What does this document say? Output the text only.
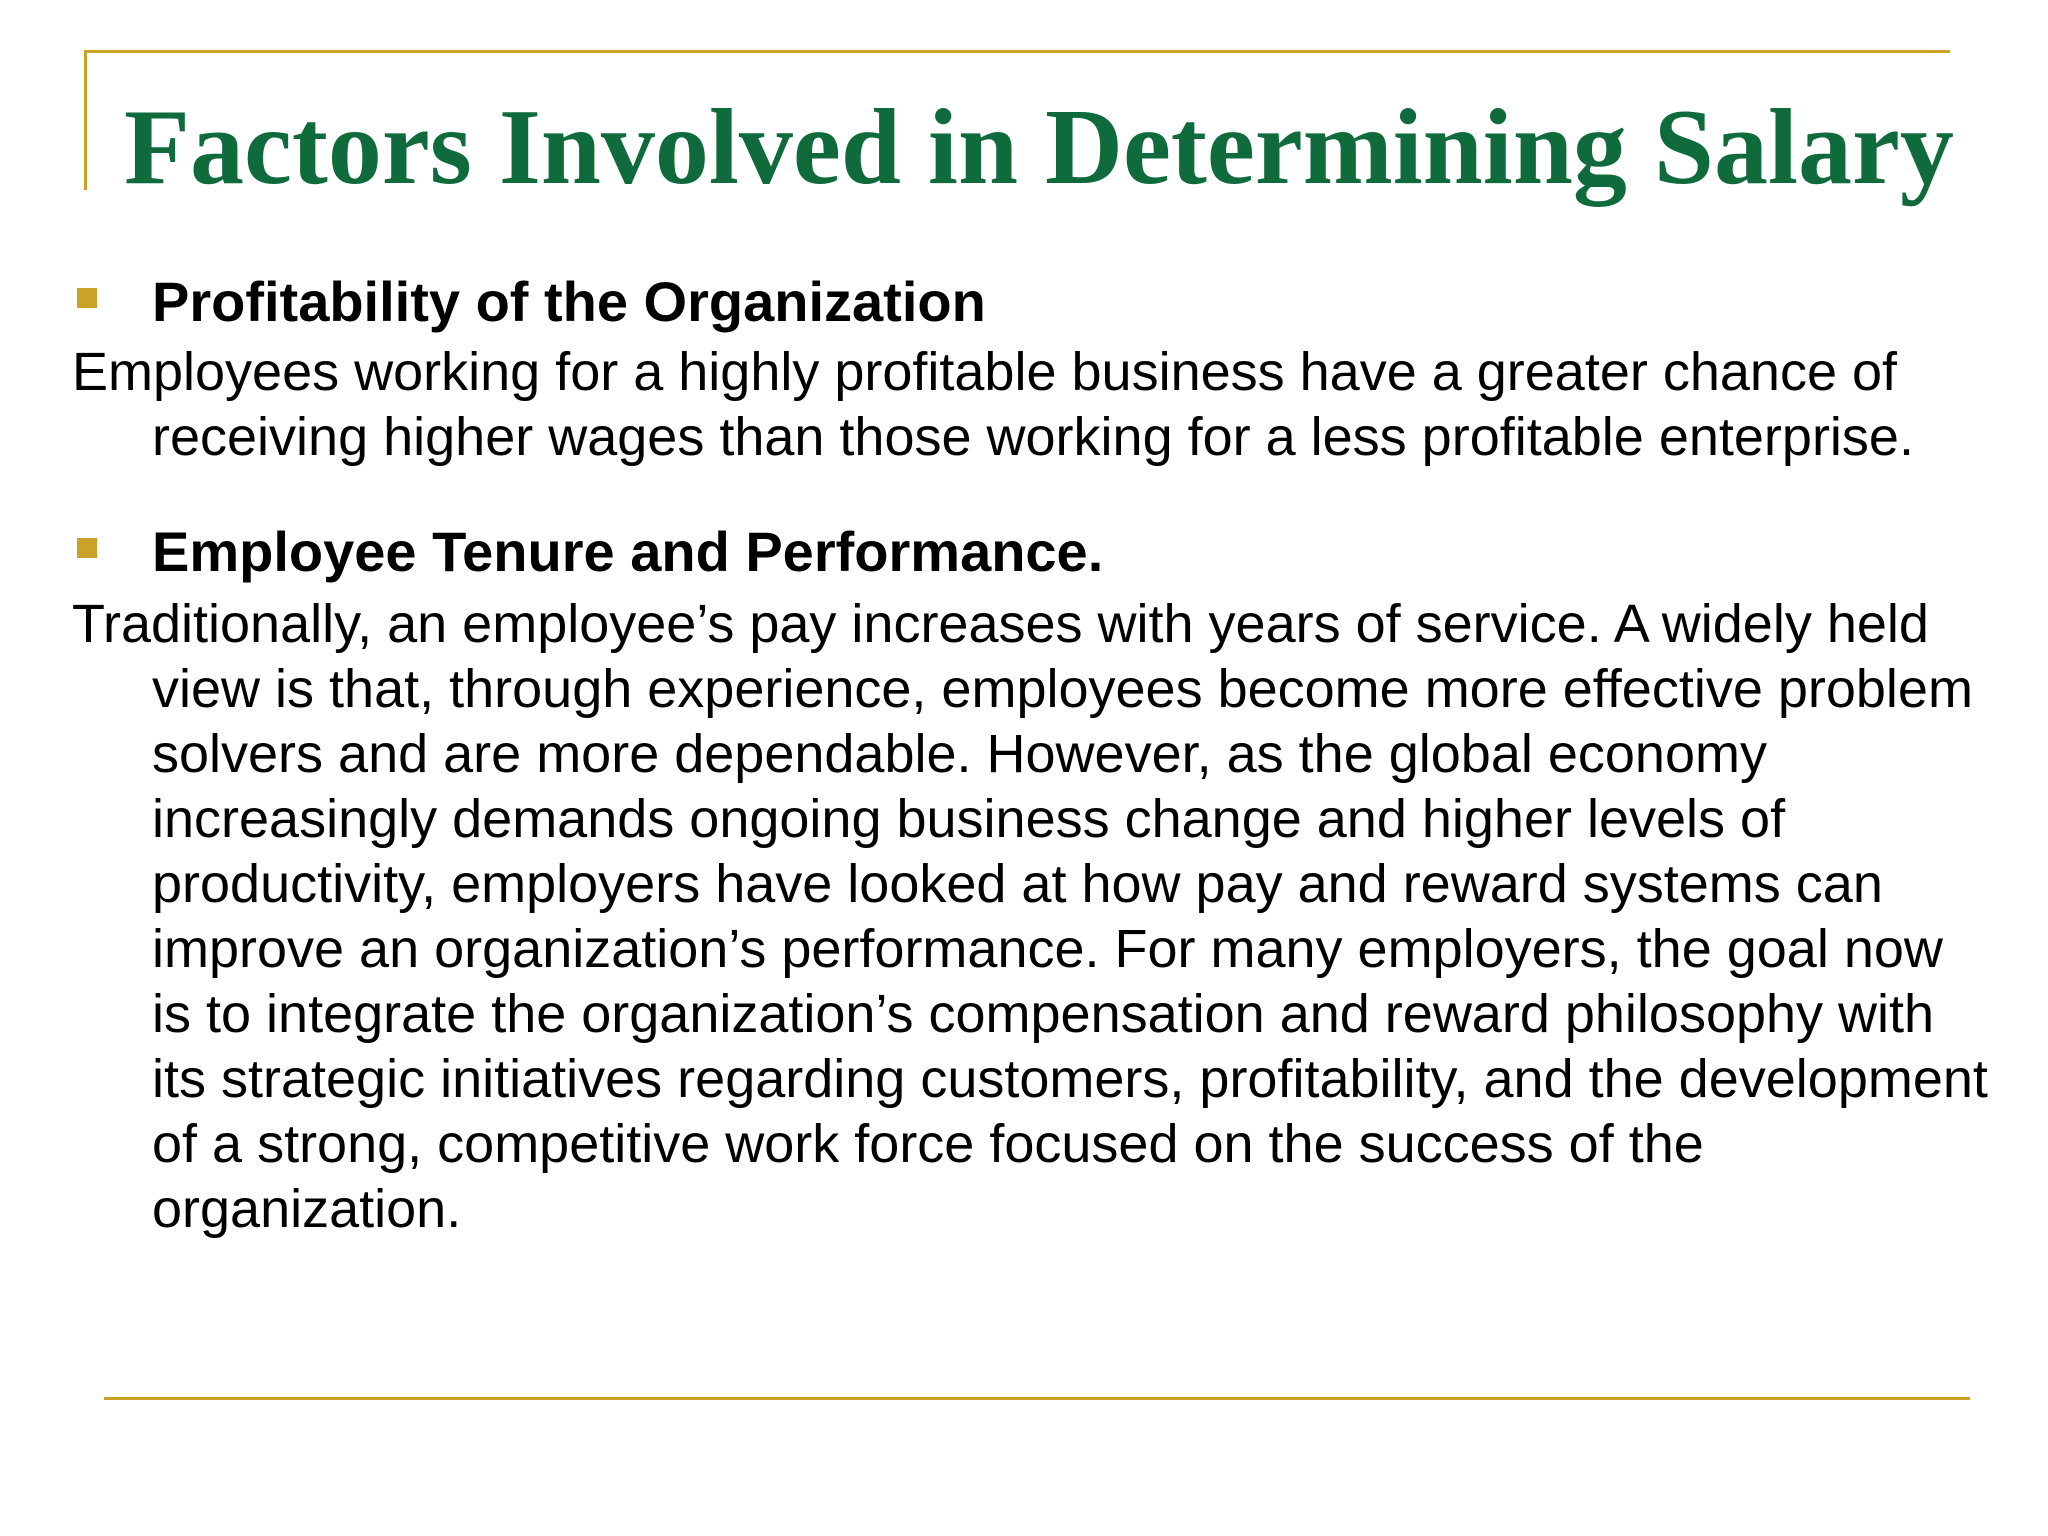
Factors Involved in Determining Salary
Profitability of the Organization

Employees working for a highly profitable business have a greater chance of receiving higher wages than those working for a less profitable enterprise.

Employee Tenure and Performance.

Traditionally, an employee’s pay increases with years of service. A widely held view is that, through experience, employees become more effective problem solvers and are more dependable. However, as the global economy increasingly demands ongoing business change and higher levels of productivity, employers have looked at how pay and reward systems can improve an organization’s performance. For many employers, the goal now is to integrate the organization’s compensation and reward philosophy with its strategic initiatives regarding customers, profitability, and the development of a strong, competitive work force focused on the success of the organization.
